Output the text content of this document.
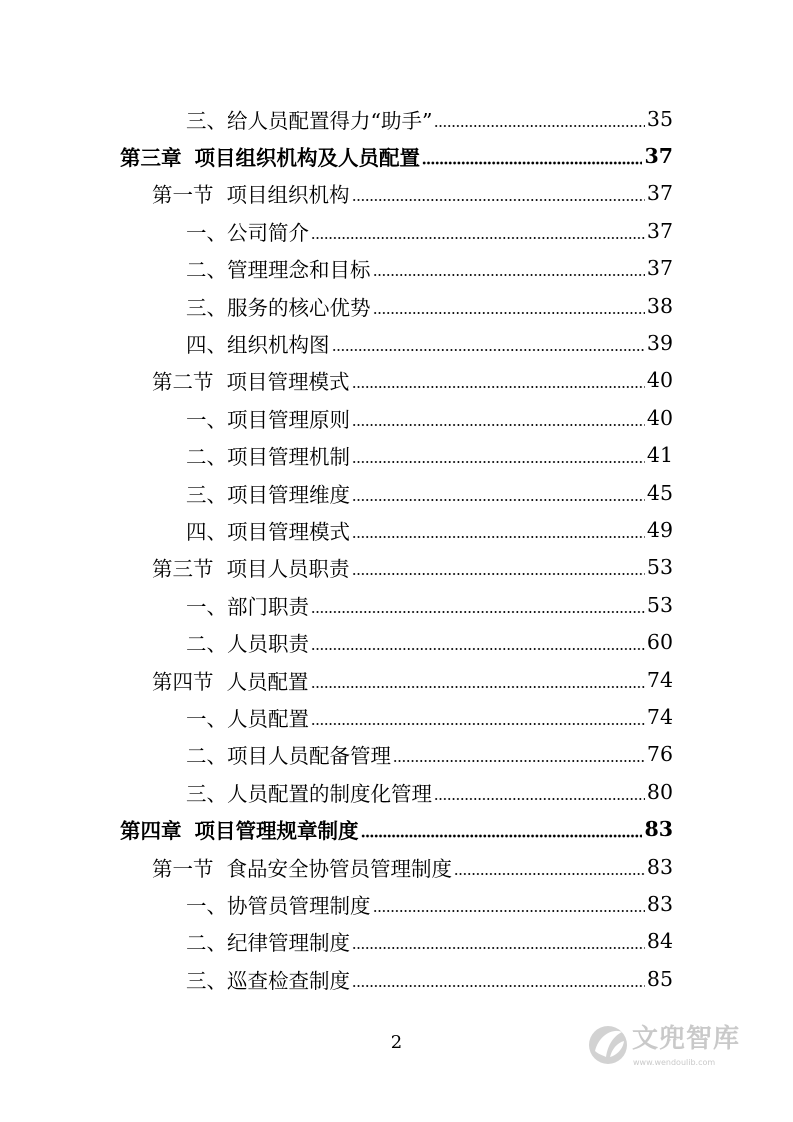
三、给人员配置得力“助手”	35
第三章 项目组织机构及人员配置	37
第一节 项目组织机构	37
一、公司简介	37
二、管理理念和目标	37
三、服务的核心优势	38
四、组织机构图	39
第二节 项目管理模式	40
一、项目管理原则	40
二、项目管理机制	41
三、项目管理维度	45
四、项目管理模式	49
第三节 项目人员职责	53
一、部门职责	53
二、人员职责	60
第四节 人员配置	74
一、人员配置	74
二、项目人员配备管理	76
三、人员配置的制度化管理	80
第四章 项目管理规章制度	83
第一节 食品安全协管员管理制度	83
一、协管员管理制度	83
二、纪律管理制度	84
三、巡查检查制度	85
2	文兜智库
www.wendoulib.com
